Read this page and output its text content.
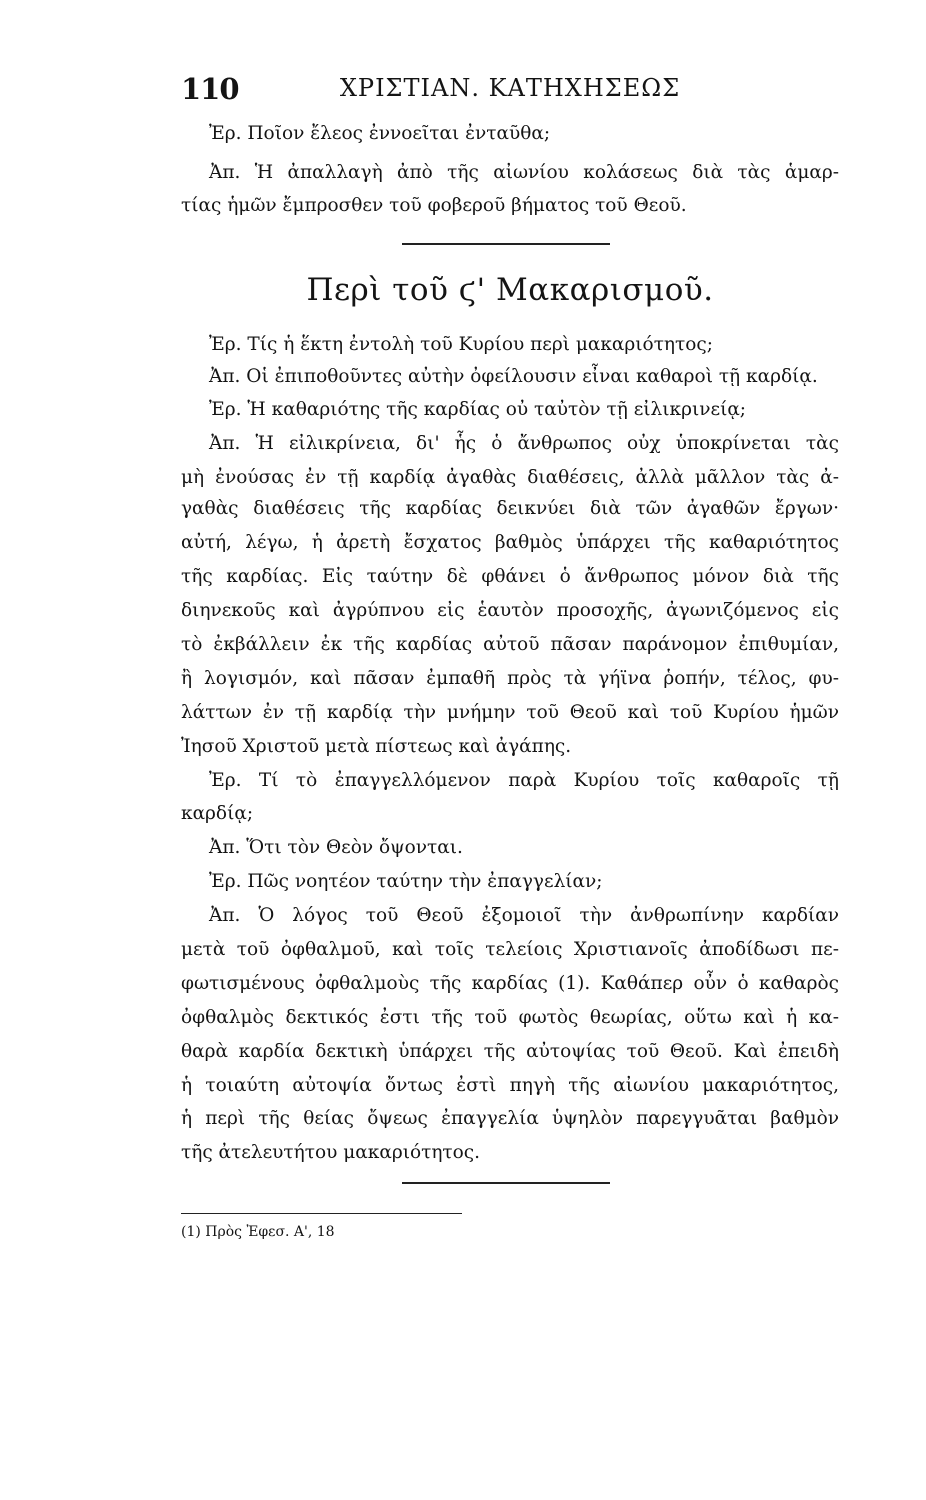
110	ΧΡΙΣΤΙΑΝ. ΚΑΤΗΧΗΣΕΩΣ
Ἐρ. Ποῖον ἔλεος ἐννοεῖται ἐνταῦθα;
Ἀπ. Ἡ ἀπαλλαγὴ ἀπὸ τῆς αἰωνίου κολάσεως διὰ τὰς ἁμαρ-
τίας ἡμῶν ἔμπροσθεν τοῦ φοβεροῦ βήματος τοῦ Θεοῦ.
Περὶ τοῦ ϛ' Μακαρισμοῦ.
Ἐρ. Τίς ἡ ἕκτη ἐντολὴ τοῦ Κυρίου περὶ μακαριότητος;
Ἀπ. Οἱ ἐπιποθοῦντες αὐτὴν ὀφείλουσιν εἶναι καθαροὶ τῇ καρδίᾳ.
Ἐρ. Ἡ καθαριότης τῆς καρδίας οὐ ταὐτὸν τῇ εἰλικρινείᾳ;
Ἀπ. Ἡ εἰλικρίνεια, δι' ἧς ὁ ἄνθρωπος οὐχ ὑποκρίνεται τὰς
μὴ ἐνούσας ἐν τῇ καρδίᾳ ἀγαθὰς διαθέσεις, ἀλλὰ μᾶλλον τὰς ἀ-
γαθὰς διαθέσεις τῆς καρδίας δεικνύει διὰ τῶν ἀγαθῶν ἔργων·
αὐτή, λέγω, ἡ ἀρετὴ ἔσχατος βαθμὸς ὑπάρχει τῆς καθαριότητος
τῆς καρδίας. Εἰς ταύτην δὲ φθάνει ὁ ἄνθρωπος μόνον διὰ τῆς
διηνεκοῦς καὶ ἀγρύπνου εἰς ἑαυτὸν προσοχῆς, ἀγωνιζόμενος εἰς
τὸ ἐκβάλλειν ἐκ τῆς καρδίας αὐτοῦ πᾶσαν παράνομον ἐπιθυμίαν,
ἢ λογισμόν, καὶ πᾶσαν ἐμπαθῆ πρὸς τὰ γήϊνα ῥοπήν, τέλος, φυ-
λάττων ἐν τῇ καρδίᾳ τὴν μνήμην τοῦ Θεοῦ καὶ τοῦ Κυρίου ἡμῶν
Ἰησοῦ Χριστοῦ μετὰ πίστεως καὶ ἀγάπης.
Ἐρ. Τί τὸ ἐπαγγελλόμενον παρὰ Κυρίου τοῖς καθαροῖς τῇ
καρδίᾳ;
Ἀπ. Ὅτι τὸν Θεὸν ὄψονται.
Ἐρ. Πῶς νοητέον ταύτην τὴν ἐπαγγελίαν;
Ἀπ. Ὁ λόγος τοῦ Θεοῦ ἐξομοιοῖ τὴν ἀνθρωπίνην καρδίαν
μετὰ τοῦ ὀφθαλμοῦ, καὶ τοῖς τελείοις Χριστιανοῖς ἀποδίδωσι πε-
φωτισμένους ὀφθαλμοὺς τῆς καρδίας (1). Καθάπερ οὖν ὁ καθαρὸς
ὀφθαλμὸς δεκτικός ἐστι τῆς τοῦ φωτὸς θεωρίας, οὕτω καὶ ἡ κα-
θαρὰ καρδία δεκτικὴ ὑπάρχει τῆς αὐτοψίας τοῦ Θεοῦ. Καὶ ἐπειδὴ
ἡ τοιαύτη αὐτοψία ὄντως ἐστὶ πηγὴ τῆς αἰωνίου μακαριότητος,
ἡ περὶ τῆς θείας ὄψεως ἐπαγγελία ὑψηλὸν παρεγγυᾶται βαθμὸν
τῆς ἀτελευτήτου μακαριότητος.
(1) Πρὸς Ἐφεσ. Α', 18
